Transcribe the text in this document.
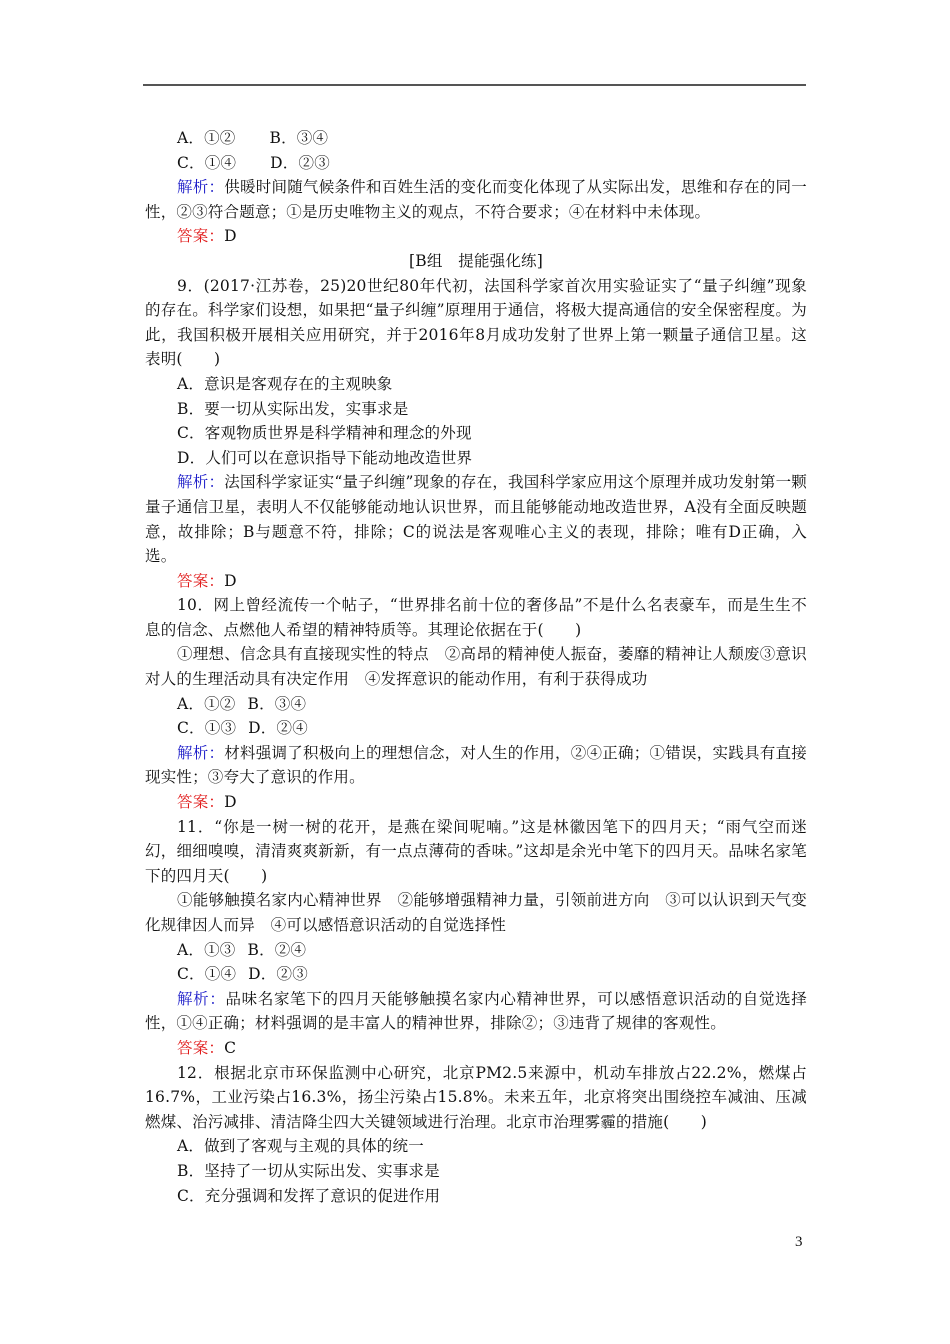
A．①② B．③④

C．①④ D．②③

解析：供暖时间随气候条件和百姓生活的变化而变化体现了从实际出发，思维和存在的同一性，②③符合题意；①是历史唯物主义的观点，不符合要求；④在材料中未体现。

答案：D

[B组　提能强化练]

9．(2017·江苏卷，25)20世纪80年代初，法国科学家首次用实验证实了“量子纠缠”现象的存在。科学家们设想，如果把“量子纠缠”原理用于通信，将极大提高通信的安全保密程度。为此，我国积极开展相关应用研究，并于2016年8月成功发射了世界上第一颗量子通信卫星。这表明(　　)

A．意识是客观存在的主观映象

B．要一切从实际出发，实事求是

C．客观物质世界是科学精神和理念的外现

D．人们可以在意识指导下能动地改造世界

解析：法国科学家证实“量子纠缠”现象的存在，我国科学家应用这个原理并成功发射第一颗量子通信卫星，表明人不仅能够能动地认识世界，而且能够能动地改造世界，A没有全面反映题意，故排除；B与题意不符，排除；C的说法是客观唯心主义的表现，排除；唯有D正确，入选。

答案：D

10．网上曾经流传一个帖子，“世界排名前十位的奢侈品”不是什么名表豪车，而是生生不息的信念、点燃他人希望的精神特质等。其理论依据在于(　　)

①理想、信念具有直接现实性的特点　②高昂的精神使人振奋，萎靡的精神让人颓废③意识对人的生理活动具有决定作用　④发挥意识的能动作用，有利于获得成功

A．①② B．③④

C．①③ D．②④

解析：材料强调了积极向上的理想信念，对人生的作用，②④正确；①错误，实践具有直接现实性；③夸大了意识的作用。

答案：D

11．“你是一树一树的花开，是燕在梁间呢喃。”这是林徽因笔下的四月天；“雨气空而迷幻，细细嗅嗅，清清爽爽新新，有一点点薄荷的香味。”这却是余光中笔下的四月天。品味名家笔下的四月天(　　)

①能够触摸名家内心精神世界　②能够增强精神力量，引领前进方向　③可以认识到天气变化规律因人而异　④可以感悟意识活动的自觉选择性

A．①③ B．②④

C．①④ D．②③

解析：品味名家笔下的四月天能够触摸名家内心精神世界，可以感悟意识活动的自觉选择性，①④正确；材料强调的是丰富人的精神世界，排除②；③违背了规律的客观性。

答案：C

12．根据北京市环保监测中心研究，北京PM2.5来源中，机动车排放占22.2%，燃煤占16.7%，工业污染占16.3%，扬尘污染占15.8%。未来五年，北京将突出围绕控车减油、压减燃煤、治污减排、清洁降尘四大关键领域进行治理。北京市治理雾霾的措施(　　)

A．做到了客观与主观的具体的统一

B．坚持了一切从实际出发、实事求是

C．充分强调和发挥了意识的促进作用

3
